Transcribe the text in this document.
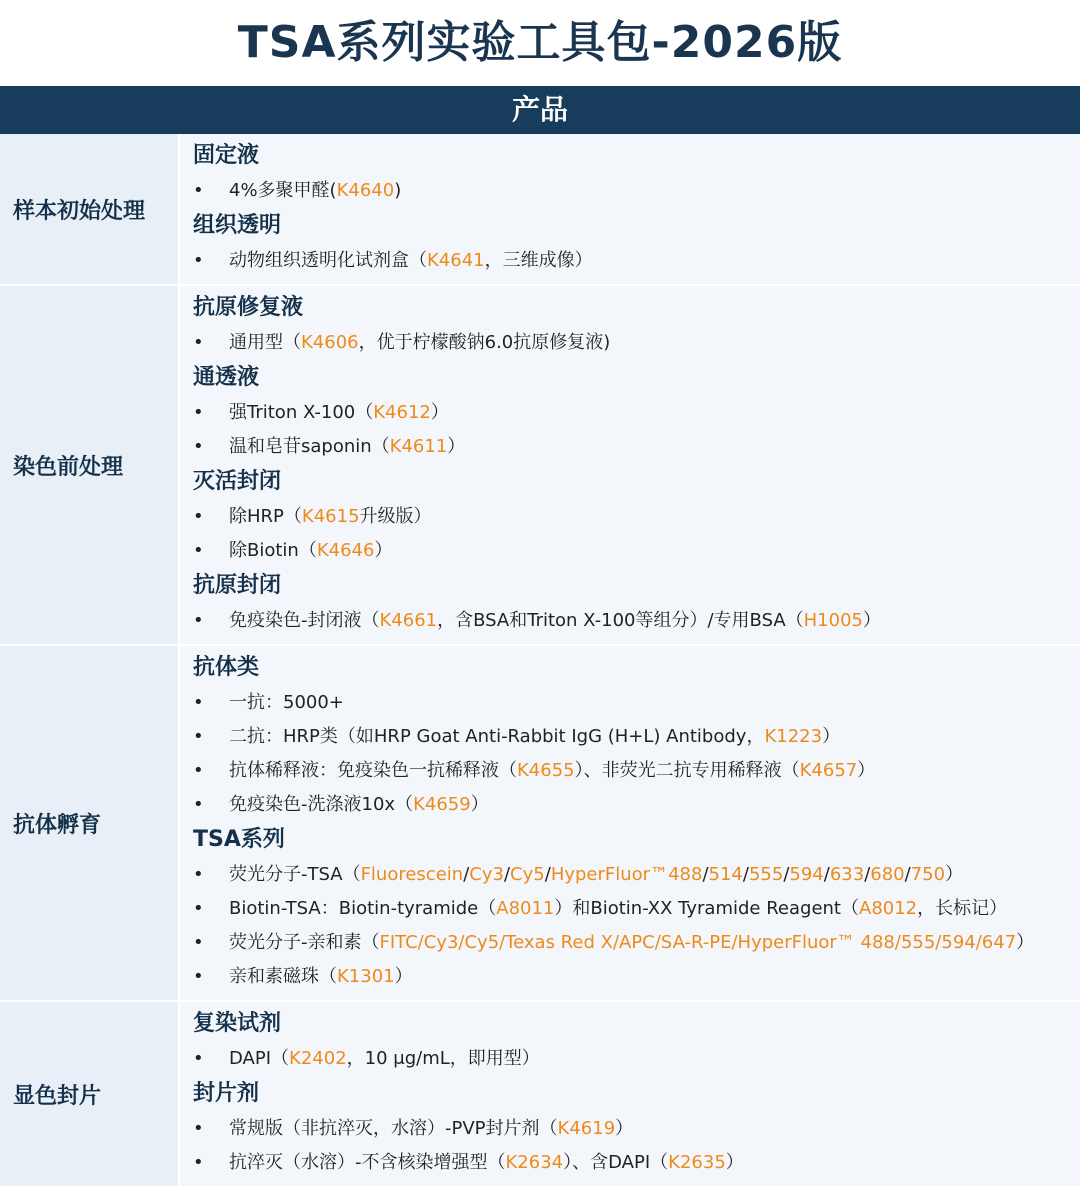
TSA系列实验工具包-2026版
产品
样本初始处理
固定液
•4%多聚甲醛(K4640)
组织透明
•动物组织透明化试剂盒（K4641，三维成像）
染色前处理
抗原修复液
•通用型（K4606，优于柠檬酸钠6.0抗原修复液)
通透液
•强Triton X-100（K4612）
•温和皂苷saponin（K4611）
灭活封闭
•除HRP（K4615升级版）
•除Biotin（K4646）
抗原封闭
•免疫染色-封闭液（K4661，含BSA和Triton X-100等组分）/专用BSA（H1005）
抗体孵育
抗体类
•一抗：5000+
•二抗：HRP类（如HRP Goat Anti-Rabbit IgG (H+L) Antibody，K1223）
•抗体稀释液：免疫染色一抗稀释液（K4655）、非荧光二抗专用稀释液（K4657）
•免疫染色-洗涤液10x（K4659）
TSA系列
•荧光分子-TSA（Fluorescein/Cy3/Cy5/HyperFluor™488/514/555/594/633/680/750）
•Biotin-TSA：Biotin-tyramide（A8011）和Biotin-XX Tyramide Reagent（A8012，长标记）
•荧光分子-亲和素（FITC/Cy3/Cy5/Texas Red X/APC/SA-R-PE/HyperFluor™ 488/555/594/647）
•亲和素磁珠（K1301）
显色封片
复染试剂
•DAPI（K2402，10 μg/mL，即用型）
封片剂
•常规版（非抗淬灭，水溶）-PVP封片剂（K4619）
•抗淬灭（水溶）-不含核染增强型（K2634）、含DAPI（K2635）
